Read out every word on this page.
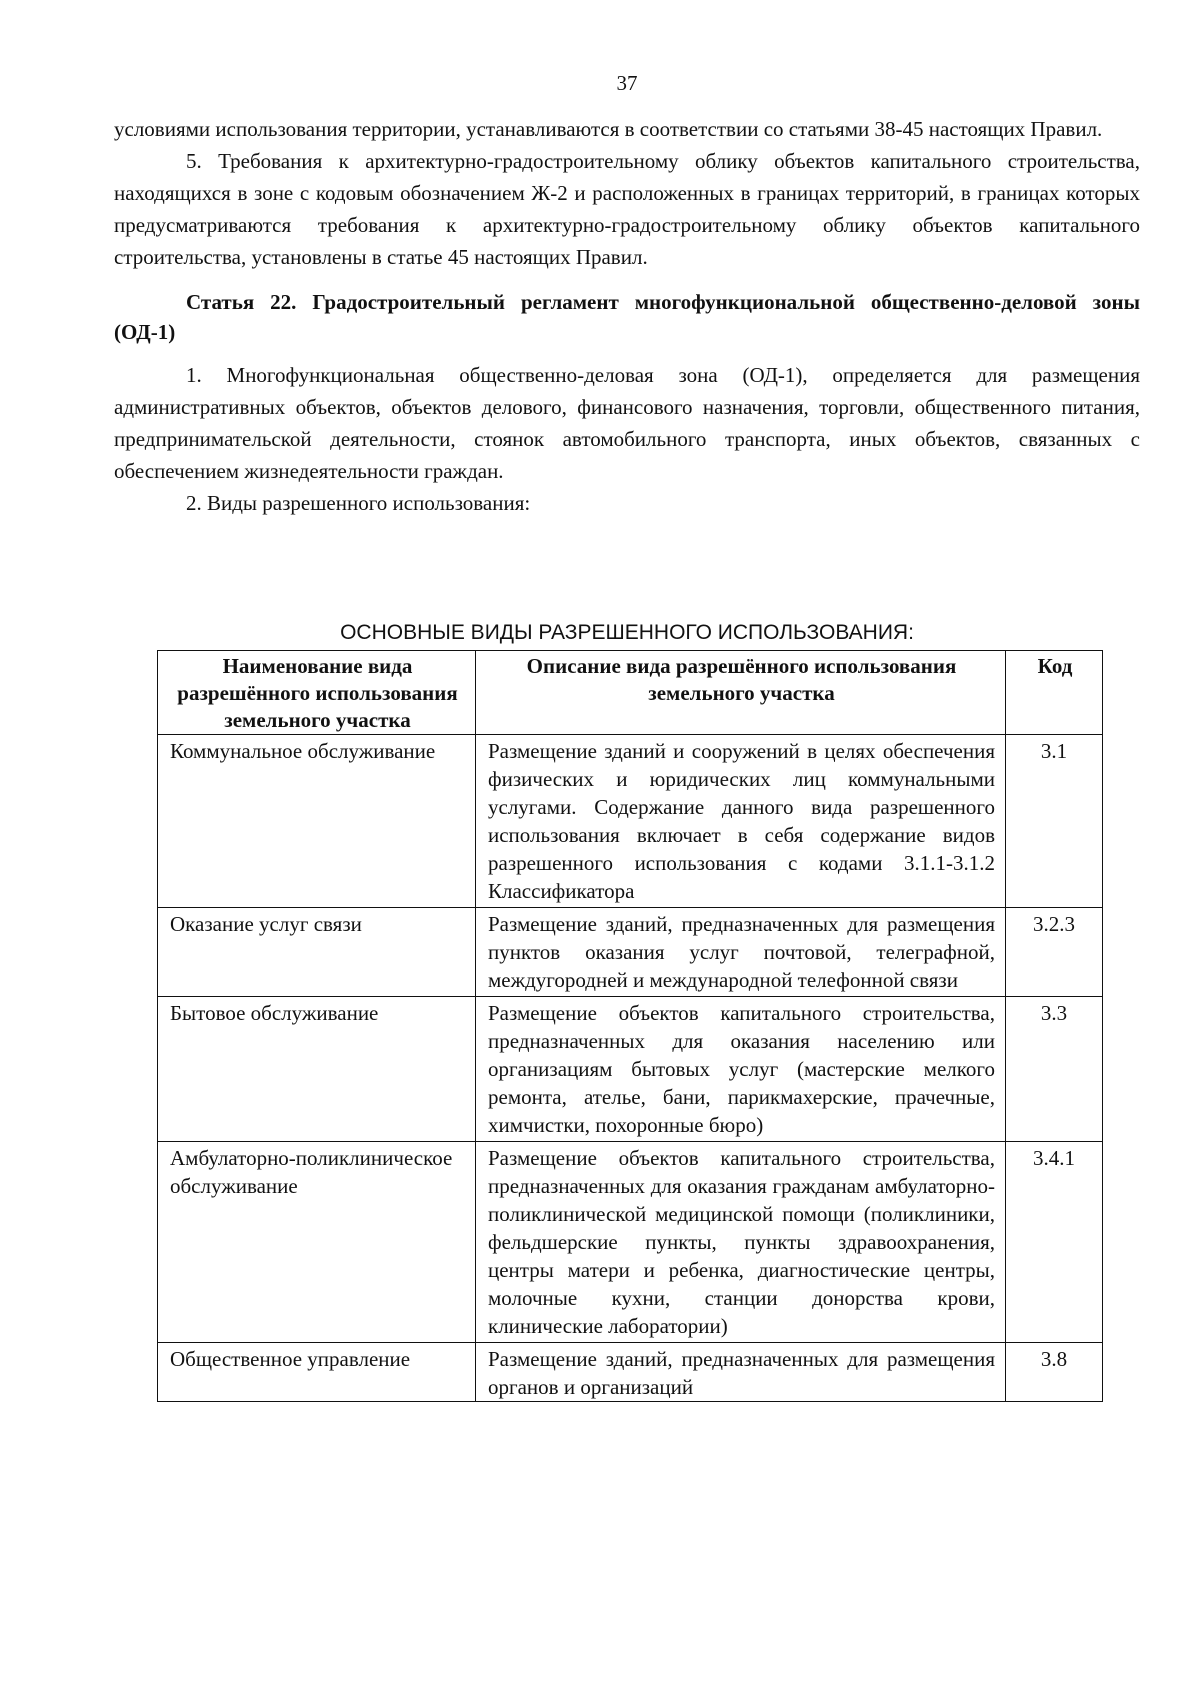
37

условиями использования территории, устанавливаются в соответствии со статьями 38-45 настоящих Правил.

5. Требования к архитектурно-градостроительному облику объектов капитального строительства, находящихся в зоне с кодовым обозначением Ж-2 и расположенных в границах территорий, в границах которых предусматриваются требования к архитектурно-градостроительному облику объектов капитального строительства, установлены в статье 45 настоящих Правил.

Статья 22. Градостроительный регламент многофункциональной общественно-деловой зоны (ОД-1)

1. Многофункциональная общественно-деловая зона (ОД-1), определяется для размещения административных объектов, объектов делового, финансового назначения, торговли, общественного питания, предпринимательской деятельности, стоянок автомобильного транспорта, иных объектов, связанных с обеспечением жизнедеятельности граждан.

2. Виды разрешенного использования:

ОСНОВНЫЕ ВИДЫ РАЗРЕШЕННОГО ИСПОЛЬЗОВАНИЯ:
Наименование вида разрешённого использования земельного участка	Описание вида разрешённого использования земельного участка	Код
Коммунальное обслуживание	Размещение зданий и сооружений в целях обеспечения физических и юридических лиц коммунальными услугами. Содержание данного вида разрешенного использования включает в себя содержание видов разрешенного использования с кодами 3.1.1-3.1.2 Классификатора	3.1
Оказание услуг связи	Размещение зданий, предназначенных для размещения пунктов оказания услуг почтовой, телеграфной, междугородней и международной телефонной связи	3.2.3
Бытовое обслуживание	Размещение объектов капитального строительства, предназначенных для оказания населению или организациям бытовых услуг (мастерские мелкого ремонта, ателье, бани, парикмахерские, прачечные, химчистки, похоронные бюро)	3.3
Амбулаторно-поликлиническое обслуживание	Размещение объектов капитального строительства, предназначенных для оказания гражданам амбулаторно-поликлинической медицинской помощи (поликлиники, фельдшерские пункты, пункты здравоохранения, центры матери и ребенка, диагностические центры, молочные кухни, станции донорства крови, клинические лаборатории)	3.4.1
Общественное управление	Размещение зданий, предназначенных для размещения органов и организаций	3.8
